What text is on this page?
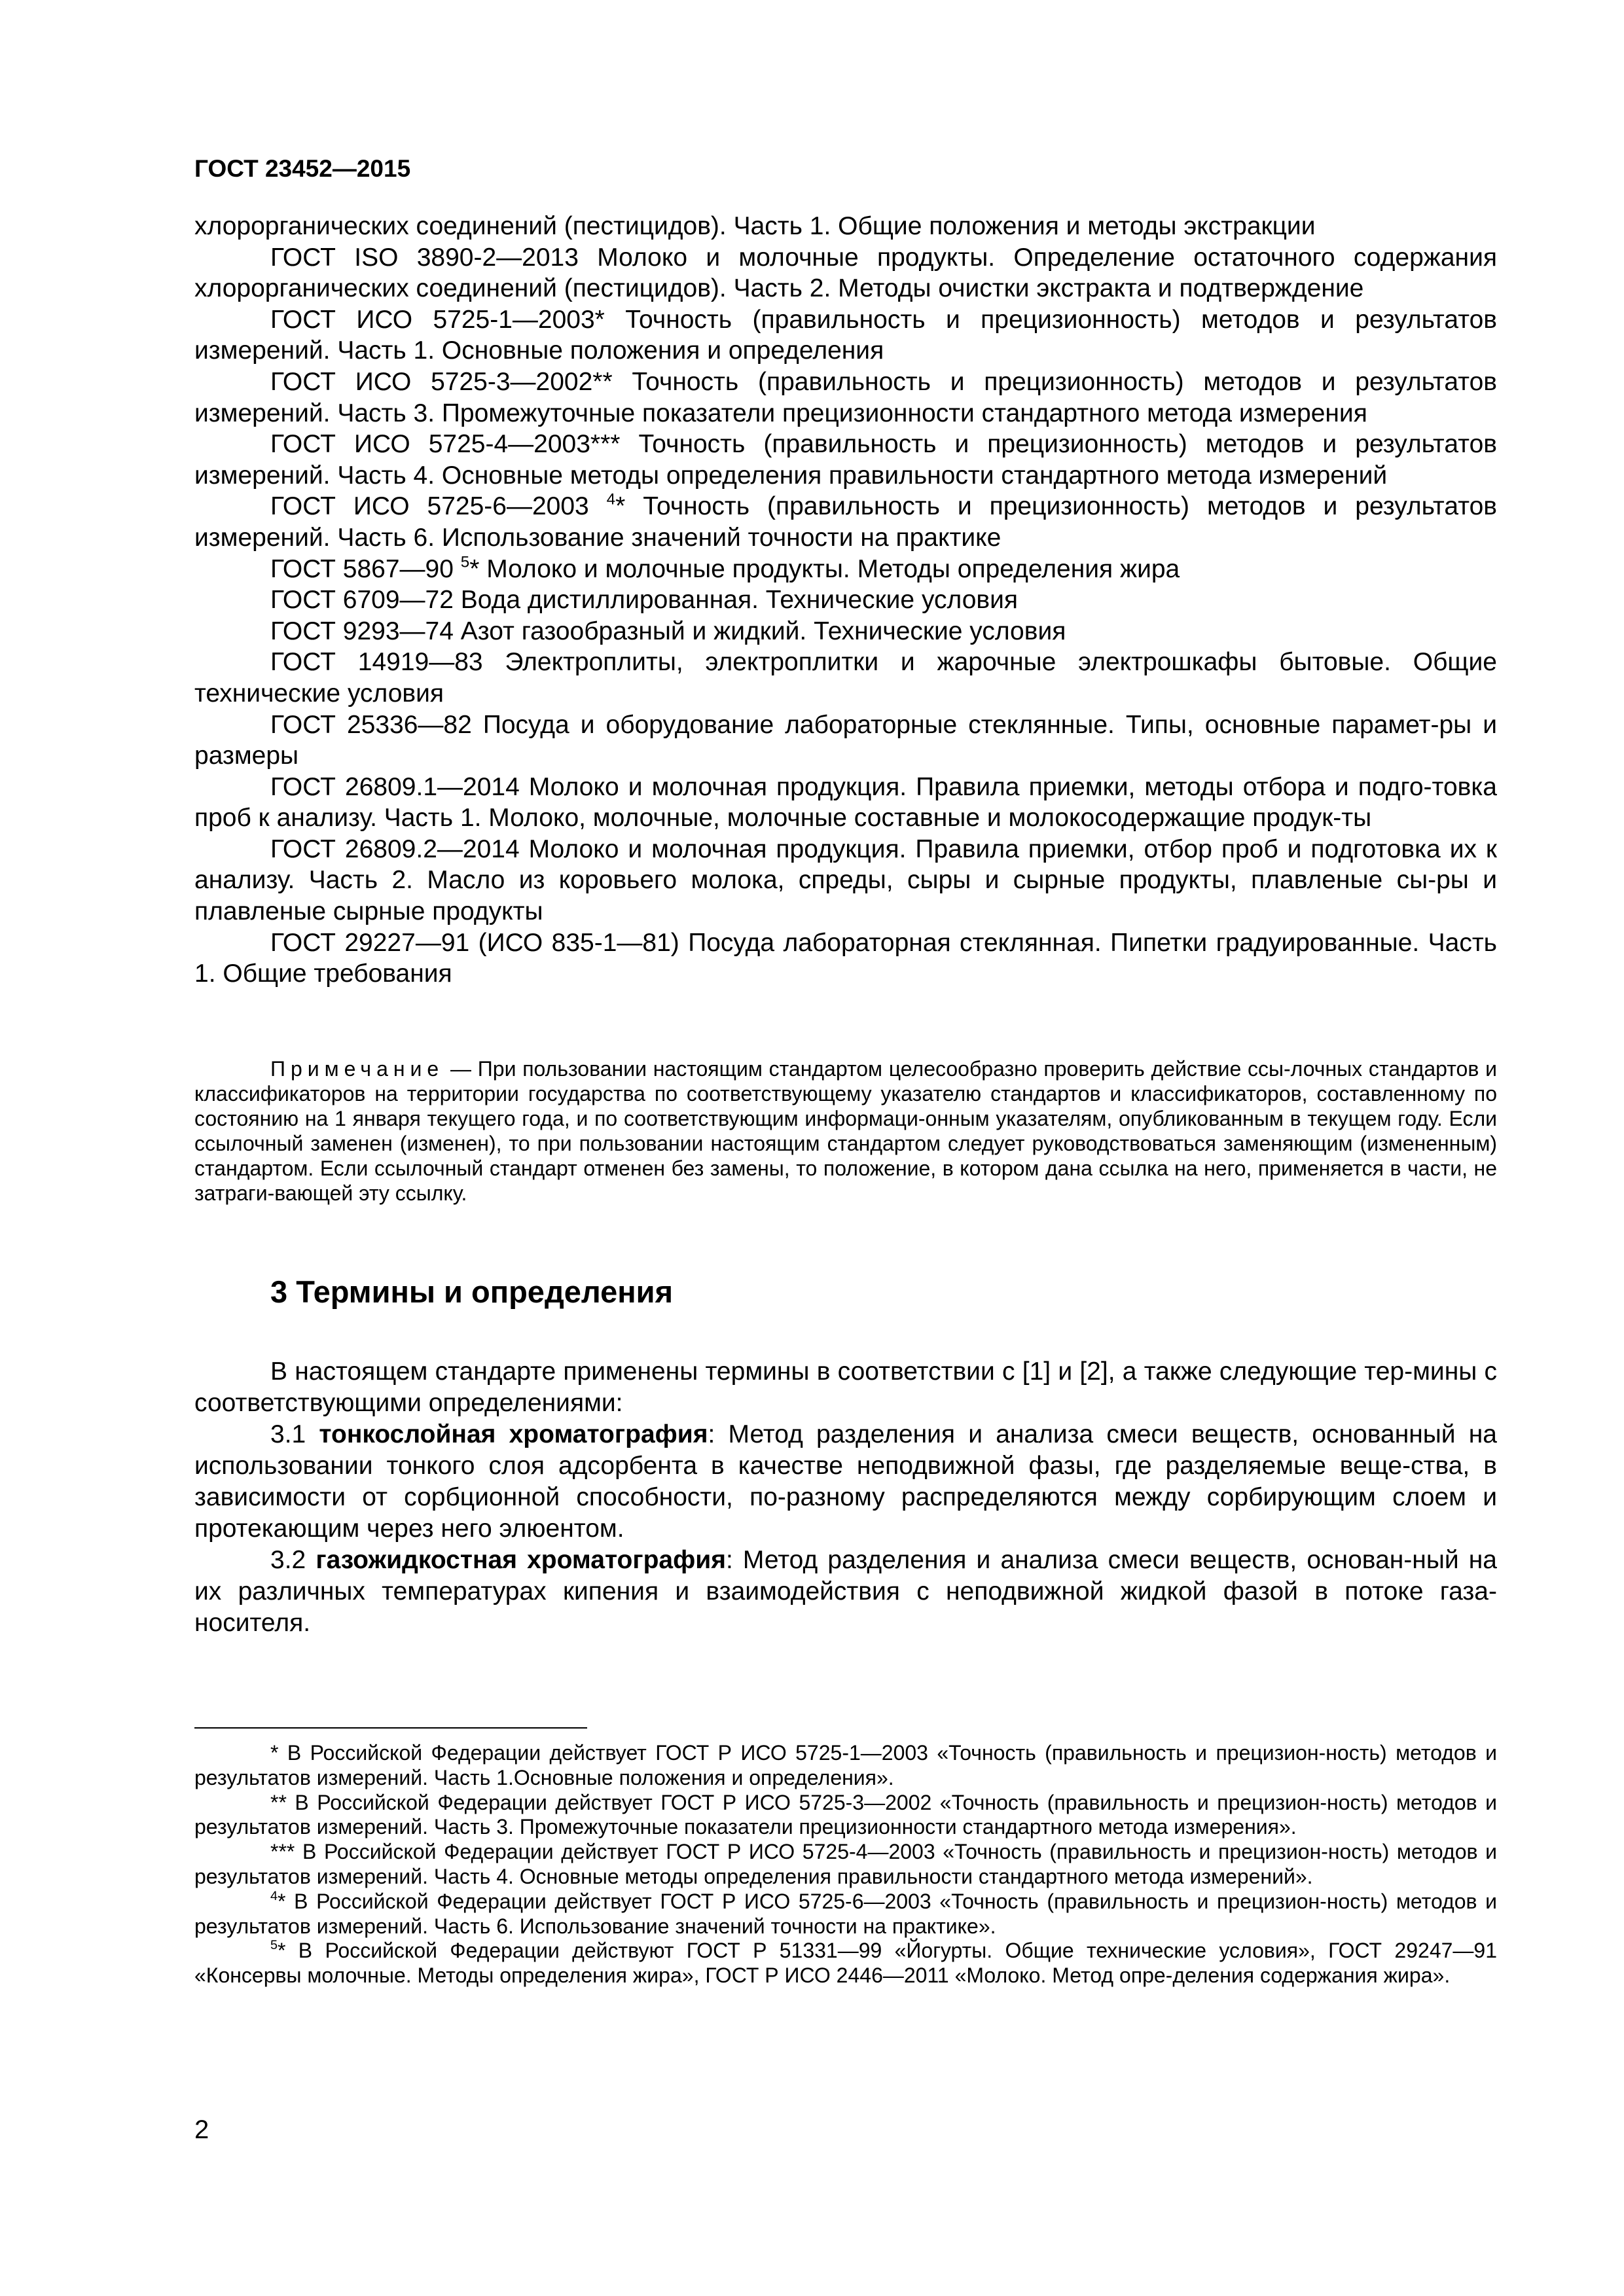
ГОСТ 23452—2015

хлорорганических соединений (пестицидов). Часть 1. Общие положения и методы экстракции

ГОСТ ISO 3890-2—2013 Молоко и молочные продукты. Определение остаточного содержания хлорорганических соединений (пестицидов). Часть 2. Методы очистки экстракта и подтверждение

ГОСТ ИСО 5725-1—2003* Точность (правильность и прецизионность) методов и результатов измерений. Часть 1. Основные положения и определения

ГОСТ ИСО 5725-3—2002** Точность (правильность и прецизионность) методов и результатов измерений. Часть 3. Промежуточные показатели прецизионности стандартного метода измерения

ГОСТ ИСО 5725-4—2003*** Точность (правильность и прецизионность) методов и результатов измерений. Часть 4. Основные методы определения правильности стандартного метода измерений

ГОСТ ИСО 5725-6—2003 $^4$* Точность (правильность и прецизионность) методов и результатов измерений. Часть 6. Использование значений точности на практике

ГОСТ 5867—90 $^5$* Молоко и молочные продукты. Методы определения жира

ГОСТ 6709—72 Вода дистиллированная. Технические условия

ГОСТ 9293—74 Азот газообразный и жидкий. Технические условия

ГОСТ 14919—83 Электроплиты, электроплитки и жарочные электрошкафы бытовые. Общие технические условия

ГОСТ 25336—82 Посуда и оборудование лабораторные стеклянные. Типы, основные парамет-ры и размеры

ГОСТ 26809.1—2014 Молоко и молочная продукция. Правила приемки, методы отбора и подго-товка проб к анализу. Часть 1. Молоко, молочные, молочные составные и молокосодержащие продук-ты

ГОСТ 26809.2—2014 Молоко и молочная продукция. Правила приемки, отбор проб и подготовка их к анализу. Часть 2. Масло из коровьего молока, спреды, сыры и сырные продукты, плавленые сы-ры и плавленые сырные продукты

ГОСТ 29227—91 (ИСО 835-1—81) Посуда лабораторная стеклянная. Пипетки градуированные. Часть 1. Общие требования

Примечание — При пользовании настоящим стандартом целесообразно проверить действие ссы-лочных стандартов и классификаторов на территории государства по соответствующему указателю стандартов и классификаторов, составленному по состоянию на 1 января текущего года, и по соответствующим информаци-онным указателям, опубликованным в текущем году. Если ссылочный заменен (изменен), то при пользовании настоящим стандартом следует руководствоваться заменяющим (измененным) стандартом. Если ссылочный стандарт отменен без замены, то положение, в котором дана ссылка на него, применяется в части, не затраги-вающей эту ссылку.

3 Термины и определения

В настоящем стандарте применены термины в соответствии с [1] и [2], а также следующие тер-мины с соответствующими определениями:

3.1 тонкослойная хроматография: Метод разделения и анализа смеси веществ, основанный на использовании тонкого слоя адсорбента в качестве неподвижной фазы, где разделяемые веще-ства, в зависимости от сорбционной способности, по-разному распределяются между сорбирующим слоем и протекающим через него элюентом.

3.2 газожидкостная хроматография: Метод разделения и анализа смеси веществ, основан-ный на их различных температурах кипения и взаимодействия с неподвижной жидкой фазой в потоке газа-носителя.

* В Российской Федерации действует ГОСТ Р ИСО 5725-1—2003 «Точность (правильность и прецизион-ность) методов и результатов измерений. Часть 1.Основные положения и определения».

** В Российской Федерации действует ГОСТ Р ИСО 5725-3—2002 «Точность (правильность и прецизион-ность) методов и результатов измерений. Часть 3. Промежуточные показатели прецизионности стандартного метода измерения».

*** В Российской Федерации действует ГОСТ Р ИСО 5725-4—2003 «Точность (правильность и прецизион-ность) методов и результатов измерений. Часть 4. Основные методы определения правильности стандартного метода измерений».

$^4$* В Российской Федерации действует ГОСТ Р ИСО 5725-6—2003 «Точность (правильность и прецизион-ность) методов и результатов измерений. Часть 6. Использование значений точности на практике».

$^5$* В Российской Федерации действуют ГОСТ Р 51331—99 «Йогурты. Общие технические условия», ГОСТ 29247—91 «Консервы молочные. Методы определения жира», ГОСТ Р ИСО 2446—2011 «Молоко. Метод опре-деления содержания жира».

2
